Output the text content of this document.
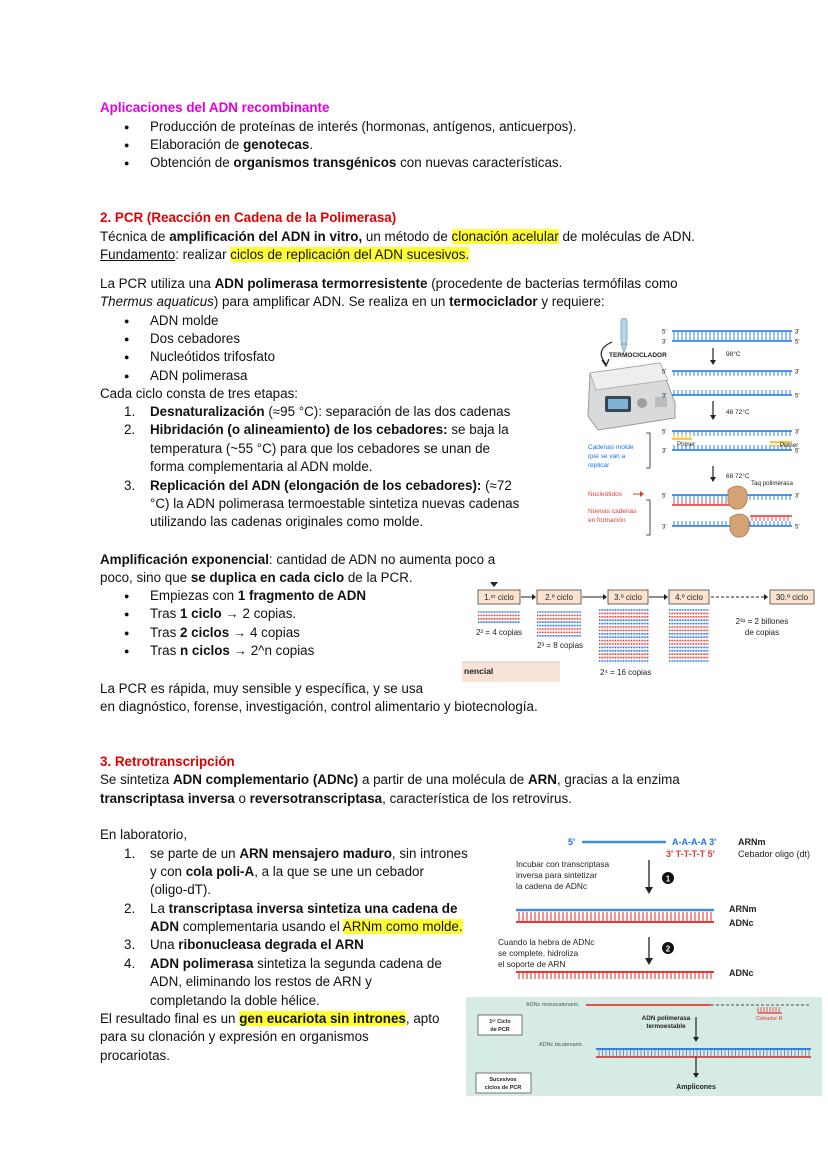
Aplicaciones del ADN recombinante
● Producción de proteínas de interés (hormonas, antígenos, anticuerpos).
● Elaboración de genotecas.
● Obtención de organismos transgénicos con nuevas características.
2. PCR (Reacción en Cadena de la Polimerasa)
Técnica de amplificación del ADN in vitro, un método de clonación acelular de moléculas de ADN.
Fundamento: realizar ciclos de replicación del ADN sucesivos.
La PCR utiliza una ADN polimerasa termorresistente (procedente de bacterias termófilas como
Thermus aquaticus) para amplificar ADN. Se realiza en un termociclador y requiere:
● ADN molde
● Dos cebadores
● Nucleótidos trifosfato
● ADN polimerasa
Cada ciclo consta de tres etapas:
1. Desnaturalización (≈95 °C): separación de las dos cadenas
2. Hibridación (o alineamiento) de los cebadores: se baja la
temperatura (~55 °C) para que los cebadores se unan de
forma complementaria al ADN molde.
3. Replicación del ADN (elongación de los cebadores): (≈72
°C) la ADN polimerasa termoestable sintetiza nuevas cadenas
utilizando las cadenas originales como molde.
Amplificación exponencial: cantidad de ADN no aumenta poco a
poco, sino que se duplica en cada ciclo de la PCR.
● Empiezas con 1 fragmento de ADN
● Tras 1 ciclo → 2 copias.
● Tras 2 ciclos → 4 copias
● Tras n ciclos → 2^n copias
La PCR es rápida, muy sensible y específica, y se usa
en diagnóstico, forense, investigación, control alimentario y biotecnología.
TERMOCICLADOR
5'	3'
3'	5'
5'	3'
3'	5'
5'	3'
3'	5'
5'	3'
3'	5'
98°C
48 72°C
68 72°C
Cadenas molde
que se van a
replicar
Primer	Primer
Nucleótidos
Nuevas cadenas
en formación
Taq polimerasa
1.ᵉʳ ciclo	2.º ciclo	3.º ciclo	4.º ciclo	30.º ciclo
2² = 4 copias
2³ = 8 copias
2⁴ = 16 copias
2³¹ = 2 billones
de copias
nencial
3. Retrotranscripción
Se sintetiza ADN complementario (ADNc) a partir de una molécula de ARN, gracias a la enzima
transcriptasa inversa o reversotranscriptasa, característica de los retrovirus.
En laboratorio,
1. se parte de un ARN mensajero maduro, sin intrones
y con cola poli-A, a la que se une un cebador
(oligo-dT).
2. La transcriptasa inversa sintetiza una cadena de
ADN complementaria usando el ARNm como molde.
3. Una ribonucleasa degrada el ARN
4. ADN polimerasa sintetiza la segunda cadena de
ADN, eliminando los restos de ARN y
completando la doble hélice.
El resultado final es un gen eucariota sin intrones, apto
para su clonación y expresión en organismos
procariotas.
5'	A-A-A-A 3'
3' T-T-T-T 5'
ARNm
Cebador oligo (dt)
Incubar con transcriptasa
inversa para sintetizar
la cadena de ADNc
1
ARNm
ADNc
Cuando la hebra de ADNc
se complete, hidroliza
el soporte de ARN
2
ADNc
ADNc monocatenario
1ᵉʳ Ciclo
de PCR
ADN polimerasa
termoestable
Cebador R
ADNc bicatenario
Sucesivos
ciclos de PCR	Amplicones
